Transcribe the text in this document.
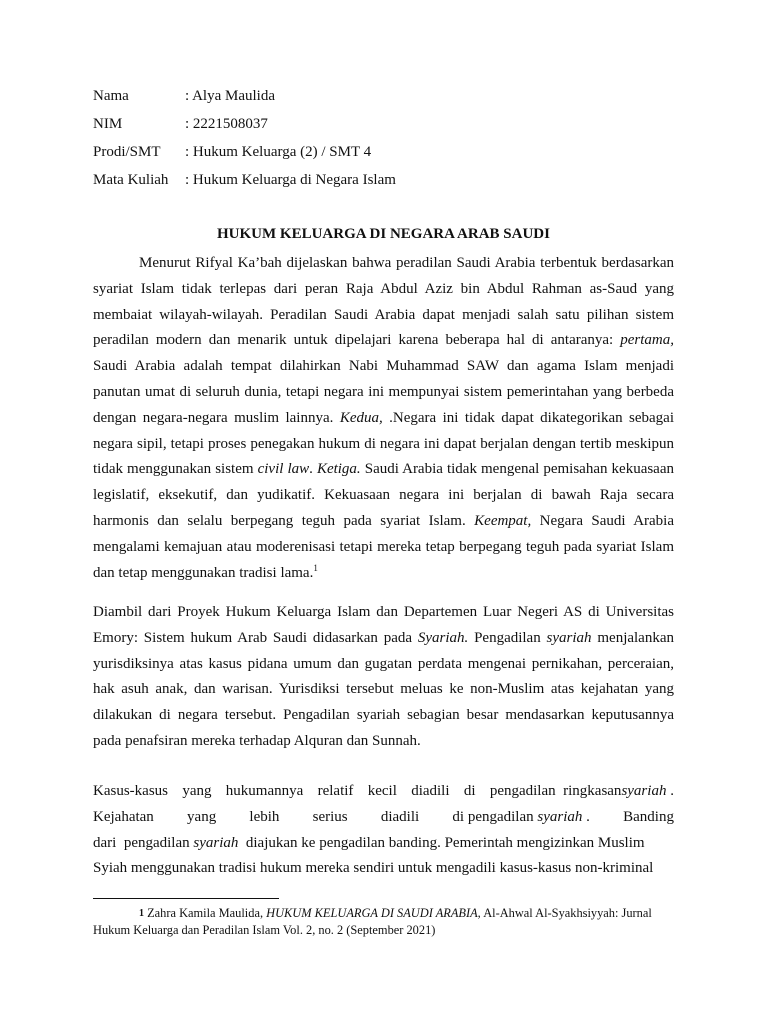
Nama	: Alya Maulida
NIM	: 2221508037
Prodi/SMT : Hukum Keluarga (2) / SMT 4
Mata Kuliah : Hukum Keluarga di Negara Islam
HUKUM KELUARGA DI NEGARA ARAB SAUDI

Menurut Rifyal Ka’bah dijelaskan bahwa peradilan Saudi Arabia terbentuk berdasarkan syariat Islam tidak terlepas dari peran Raja Abdul Aziz bin Abdul Rahman as-Saud yang membaiat wilayah-wilayah. Peradilan Saudi Arabia dapat menjadi salah satu pilihan sistem peradilan modern dan menarik untuk dipelajari karena beberapa hal di antaranya: pertama, Saudi Arabia adalah tempat dilahirkan Nabi Muhammad SAW dan agama Islam menjadi panutan umat di seluruh dunia, tetapi negara ini mempunyai sistem pemerintahan yang berbeda dengan negara-negara muslim lainnya. Kedua, .Negara ini tidak dapat dikategorikan sebagai negara sipil, tetapi proses penegakan hukum di negara ini dapat berjalan dengan tertib meskipun tidak menggunakan sistem civil law. Ketiga. Saudi Arabia tidak mengenal pemisahan kekuasaan legislatif, eksekutif, dan yudikatif. Kekuasaan negara ini berjalan di bawah Raja secara harmonis dan selalu berpegang teguh pada syariat Islam. Keempat, Negara Saudi Arabia mengalami kemajuan atau moderenisasi tetapi mereka tetap berpegang teguh pada syariat Islam dan tetap menggunakan tradisi lama.$^1$

Diambil dari Proyek Hukum Keluarga Islam dan Departemen Luar Negeri AS di Universitas Emory: Sistem hukum Arab Saudi didasarkan pada Syariah. Pengadilan syariah menjalankan yurisdiksinya atas kasus pidana umum dan gugatan perdata mengenai pernikahan, perceraian, hak asuh anak, dan warisan. Yurisdiksi tersebut meluas ke non-Muslim atas kejahatan yang dilakukan di negara tersebut. Pengadilan syariah sebagian besar mendasarkan keputusannya pada penafsiran mereka terhadap Alquran dan Sunnah.

Kasus-kasus yang hukumannya relatif kecil diadili di pengadilan  ringkasansyariah .
Kejahatan yang lebih serius diadili di pengadilan syariah . Banding
dari  pengadilan syariah  diajukan ke pengadilan banding. Pemerintah mengizinkan Muslim
Syiah menggunakan tradisi hukum mereka sendiri untuk mengadili kasus-kasus non-kriminal

1 Zahra Kamila Maulida, HUKUM KELUARGA DI SAUDI ARABIA, Al-Ahwal Al-Syakhsiyyah: Jurnal
Hukum Keluarga dan Peradilan Islam Vol. 2, no. 2 (September 2021)
